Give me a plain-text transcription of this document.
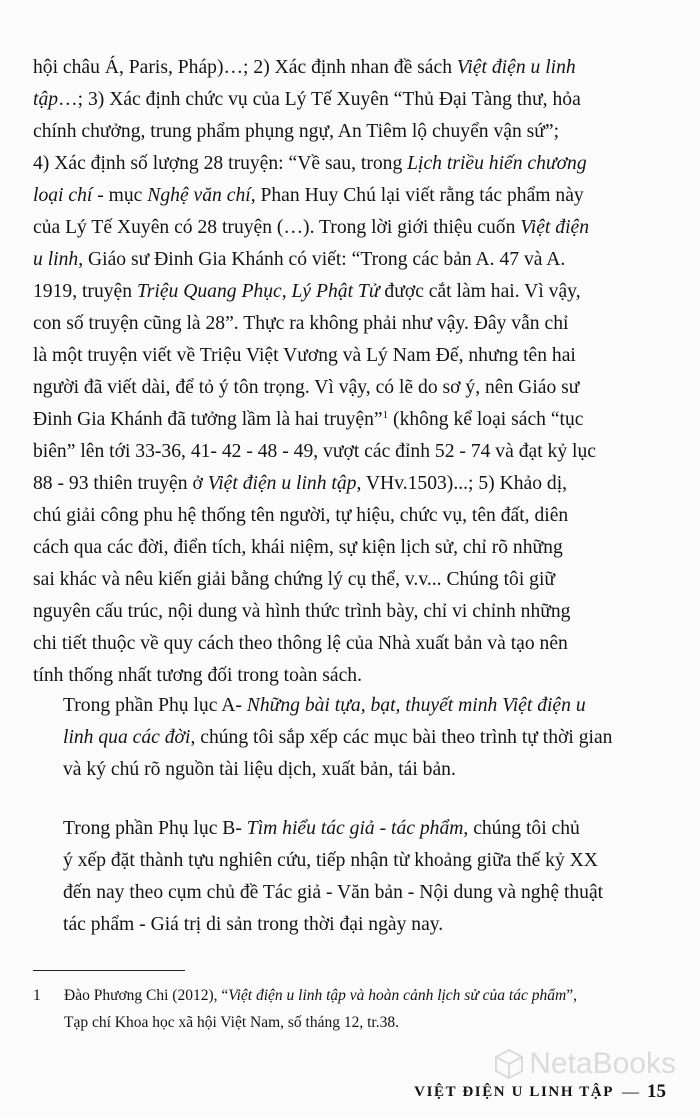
hội châu Á, Paris, Pháp)…; 2) Xác định nhan đề sách Việt điện u linh
tập…; 3) Xác định chức vụ của Lý Tế Xuyên “Thủ Đại Tàng thư, hỏa
chính chưởng, trung phẩm phụng ngự, An Tiêm lộ chuyển vận sứ”;
4) Xác định số lượng 28 truyện: “Về sau, trong Lịch triều hiến chương
loại chí - mục Nghệ văn chí, Phan Huy Chú lại viết rằng tác phẩm này
của Lý Tế Xuyên có 28 truyện (…). Trong lời giới thiệu cuốn Việt điện
u linh, Giáo sư Đinh Gia Khánh có viết: “Trong các bản A. 47 và A.
1919, truyện Triệu Quang Phục, Lý Phật Tử được cắt làm hai. Vì vậy,
con số truyện cũng là 28”. Thực ra không phải như vậy. Đây vẫn chỉ
là một truyện viết về Triệu Việt Vương và Lý Nam Đế, nhưng tên hai
người đã viết dài, để tỏ ý tôn trọng. Vì vậy, có lẽ do sơ ý, nên Giáo sư
Đinh Gia Khánh đã tưởng lầm là hai truyện”$^1$ (không kể loại sách “tục
biên” lên tới 33-36, 41- 42 - 48 - 49, vượt các đỉnh 52 - 74 và đạt kỷ lục
88 - 93 thiên truyện ở Việt điện u linh tập, VHv.1503)...; 5) Khảo dị,
chú giải công phu hệ thống tên người, tự hiệu, chức vụ, tên đất, diên
cách qua các đời, điển tích, khái niệm, sự kiện lịch sử, chỉ rõ những
sai khác và nêu kiến giải bằng chứng lý cụ thể, v.v... Chúng tôi giữ
nguyên cấu trúc, nội dung và hình thức trình bày, chỉ vi chỉnh những
chi tiết thuộc về quy cách theo thông lệ của Nhà xuất bản và tạo nên
tính thống nhất tương đối trong toàn sách.

Trong phần Phụ lục A- Những bài tựa, bạt, thuyết minh Việt điện u
linh qua các đời, chúng tôi sắp xếp các mục bài theo trình tự thời gian
và ký chú rõ nguồn tài liệu dịch, xuất bản, tái bản.

Trong phần Phụ lục B- Tìm hiểu tác giả - tác phẩm, chúng tôi chủ
ý xếp đặt thành tựu nghiên cứu, tiếp nhận từ khoảng giữa thế kỷ XX
đến nay theo cụm chủ đề Tác giả - Văn bản - Nội dung và nghệ thuật
tác phẩm - Giá trị di sản trong thời đại ngày nay.

1 Đào Phương Chi (2012), “Việt điện u linh tập và hoàn cảnh lịch sử của tác phẩm”,
Tạp chí Khoa học xã hội Việt Nam, số tháng 12, tr.38.
NetaBooks
VIỆT ĐIỆN U LINH TẬP — 15
